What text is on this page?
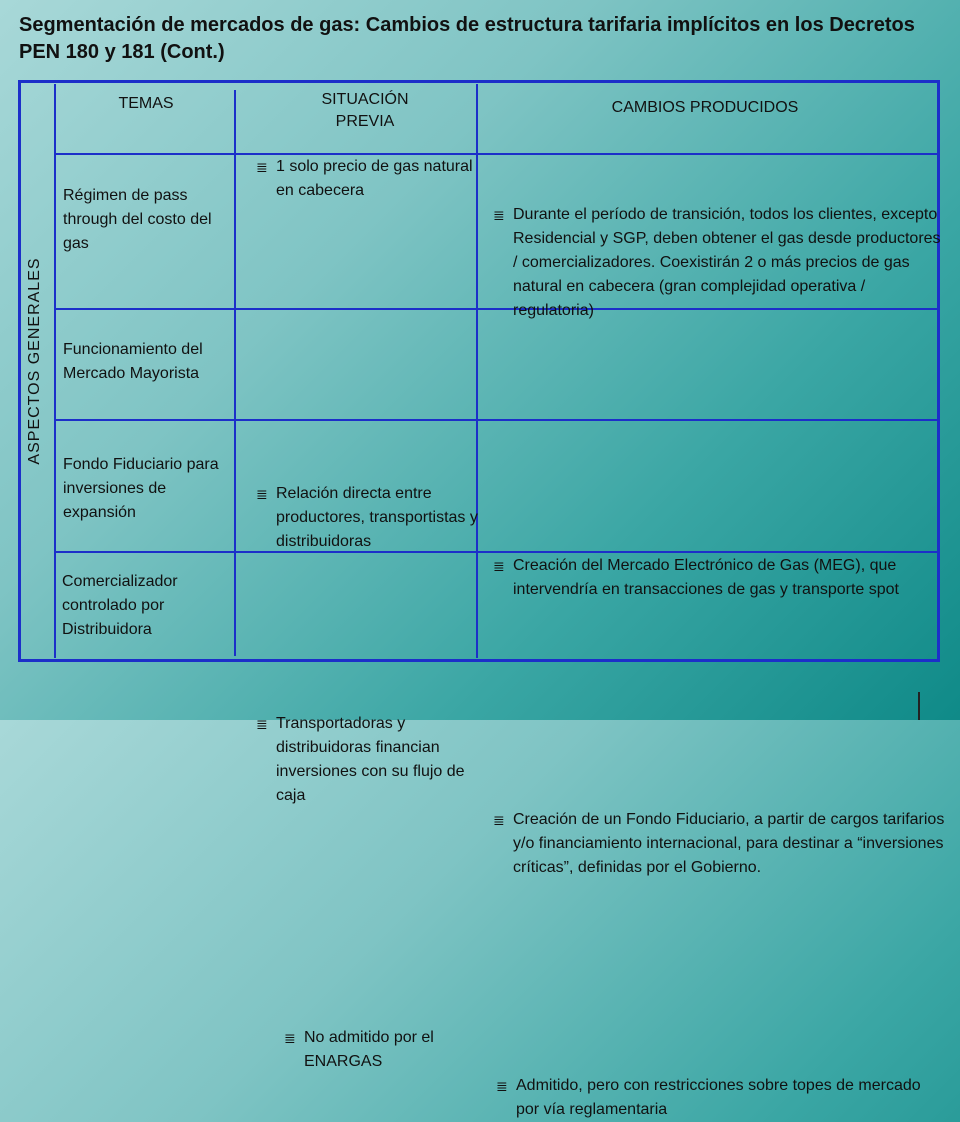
Segmentación de mercados de gas: Cambios de estructura tarifaria implícitos en los Decretos PEN 180 y 181 (Cont.)
ASPECTOS GENERALES
TEMAS	SITUACIÓN PREVIA
CAMBIOS PRODUCIDOS
Régimen de pass through del costo del gas
≣ 1 solo precio de gas natural en cabecera
≣ Durante el período de transición, todos los clientes, excepto Residencial y SGP, deben obtener el gas desde productores / comercializadores. Coexistirán 2 o más precios de gas natural en cabecera (gran complejidad operativa / regulatoria)
Funcionamiento del Mercado Mayorista
≣ Relación directa entre productores, transportistas y distribuidoras
≣ Creación del Mercado Electrónico de Gas (MEG), que intervendría en transacciones de gas y transporte spot
Fondo Fiduciario para inversiones de expansión
≣ Transportadoras y distribuidoras financian inversiones con su flujo de caja
≣ Creación de un Fondo Fiduciario, a partir de cargos tarifarios y/o financiamiento internacional, para destinar a “inversiones críticas”, definidas por el Gobierno.
Comercializador controlado por Distribuidora
≣ No admitido por el ENARGAS
≣ Admitido, pero con restricciones sobre topes de mercado por vía reglamentaria
